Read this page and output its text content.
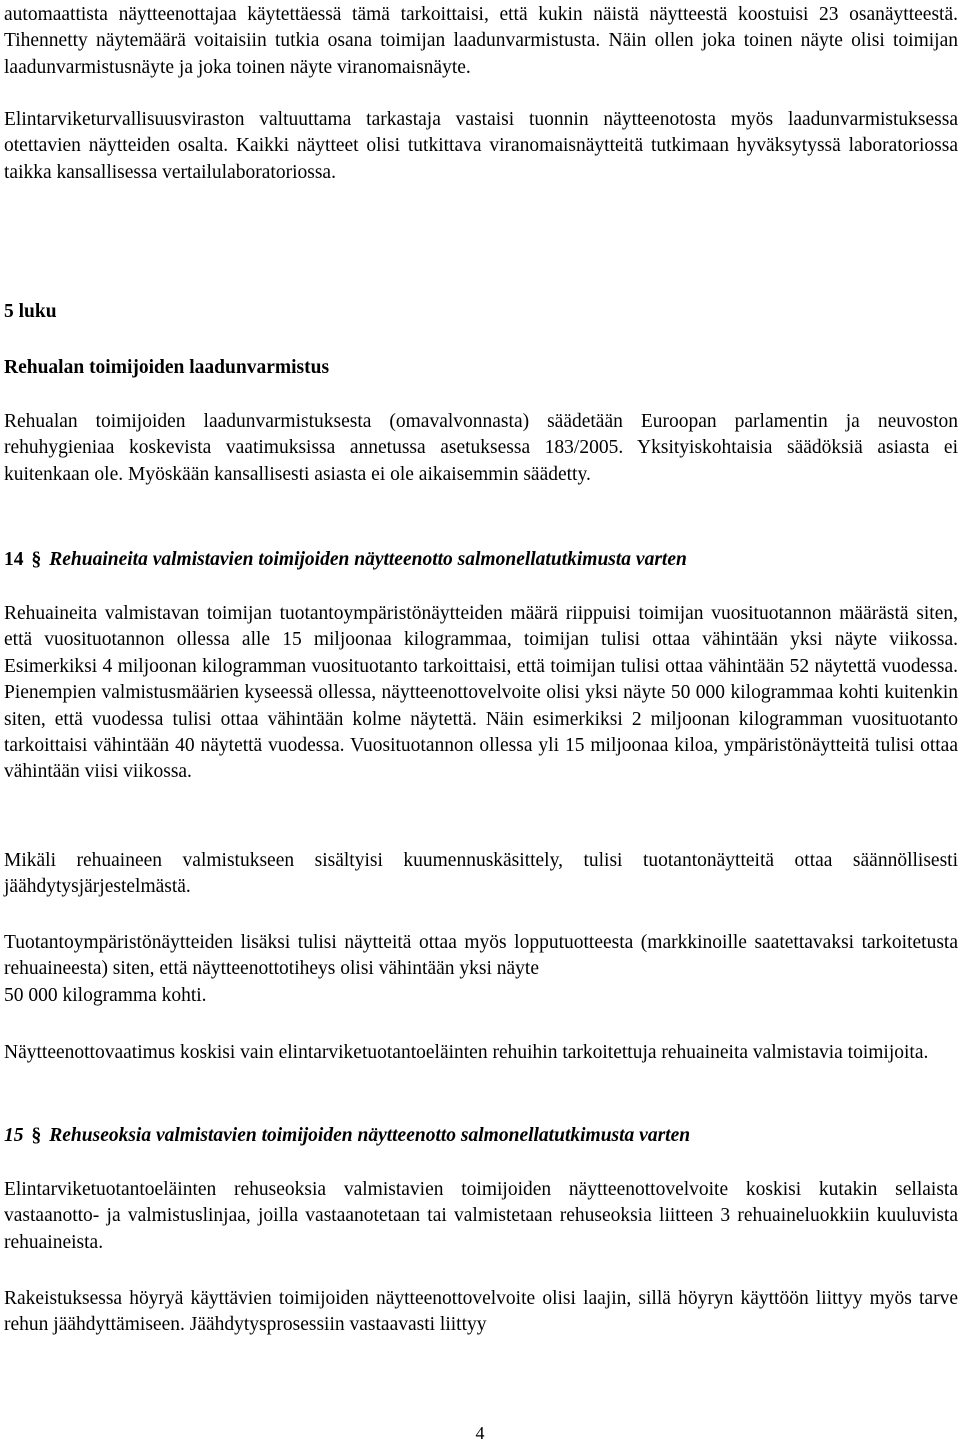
automaattista näytteenottajaa käytettäessä tämä tarkoittaisi, että kukin näistä näytteestä koostuisi 23 osanäytteestä. Tihennetty näytemäärä voitaisiin tutkia osana toimijan laadunvarmistusta. Näin ollen joka toinen näyte olisi toimijan laadunvarmistusnäyte ja joka toinen näyte viranomaisnäyte.

Elintarviketurvallisuusviraston valtuuttama tarkastaja vastaisi tuonnin näytteenotosta myös laadunvarmistuksessa otettavien näytteiden osalta. Kaikki näytteet olisi tutkittava viranomaisnäytteitä tutkimaan hyväksytyssä laboratoriossa taikka kansallisessa vertailulaboratoriossa.

5 luku
Rehualan toimijoiden laadunvarmistus

Rehualan toimijoiden laadunvarmistuksesta (omavalvonnasta) säädetään Euroopan parlamentin ja neuvoston rehuhygieniaa koskevista vaatimuksissa annetussa asetuksessa 183/2005. Yksityiskohtaisia säädöksiä asiasta ei kuitenkaan ole. Myöskään kansallisesti asiasta ei ole aikaisemmin säädetty.

14 § Rehuaineita valmistavien toimijoiden näytteenotto salmonellatutkimusta varten

Rehuaineita valmistavan toimijan tuotantoympäristönäytteiden määrä riippuisi toimijan vuosituotannon määrästä siten, että vuosituotannon ollessa alle 15 miljoonaa kilogrammaa, toimijan tulisi ottaa vähintään yksi näyte viikossa. Esimerkiksi 4 miljoonan kilogramman vuosituotanto tarkoittaisi, että toimijan tulisi ottaa vähintään 52 näytettä vuodessa. Pienempien valmistusmäärien kyseessä ollessa, näytteenottovelvoite olisi yksi näyte 50 000 kilogrammaa kohti kuitenkin siten, että vuodessa tulisi ottaa vähintään kolme näytettä. Näin esimerkiksi 2 miljoonan kilogramman vuosituotanto tarkoittaisi vähintään 40 näytettä vuodessa. Vuosituotannon ollessa yli 15 miljoonaa kiloa, ympäristönäytteitä tulisi ottaa vähintään viisi viikossa.

Mikäli rehuaineen valmistukseen sisältyisi kuumennuskäsittely, tulisi tuotantonäytteitä ottaa säännöllisesti jäähdytysjärjestelmästä.

Tuotantoympäristönäytteiden lisäksi tulisi näytteitä ottaa myös lopputuotteesta (markkinoille saatettavaksi tarkoitetusta rehuaineesta) siten, että näytteenottotiheys olisi vähintään yksi näyte
50 000 kilogramma kohti.

Näytteenottovaatimus koskisi vain elintarviketuotantoeläinten rehuihin tarkoitettuja rehuaineita valmistavia toimijoita.

15 § Rehuseoksia valmistavien toimijoiden näytteenotto salmonellatutkimusta varten

Elintarviketuotantoeläinten rehuseoksia valmistavien toimijoiden näytteenottovelvoite koskisi kutakin sellaista vastaanotto- ja valmistuslinjaa, joilla vastaanotetaan tai valmistetaan rehuseoksia liitteen 3 rehuaineluokkiin kuuluvista rehuaineista.

Rakeistuksessa höyryä käyttävien toimijoiden näytteenottovelvoite olisi laajin, sillä höyryn käyttöön liittyy myös tarve rehun jäähdyttämiseen. Jäähdytysprosessiin vastaavasti liittyy

4
